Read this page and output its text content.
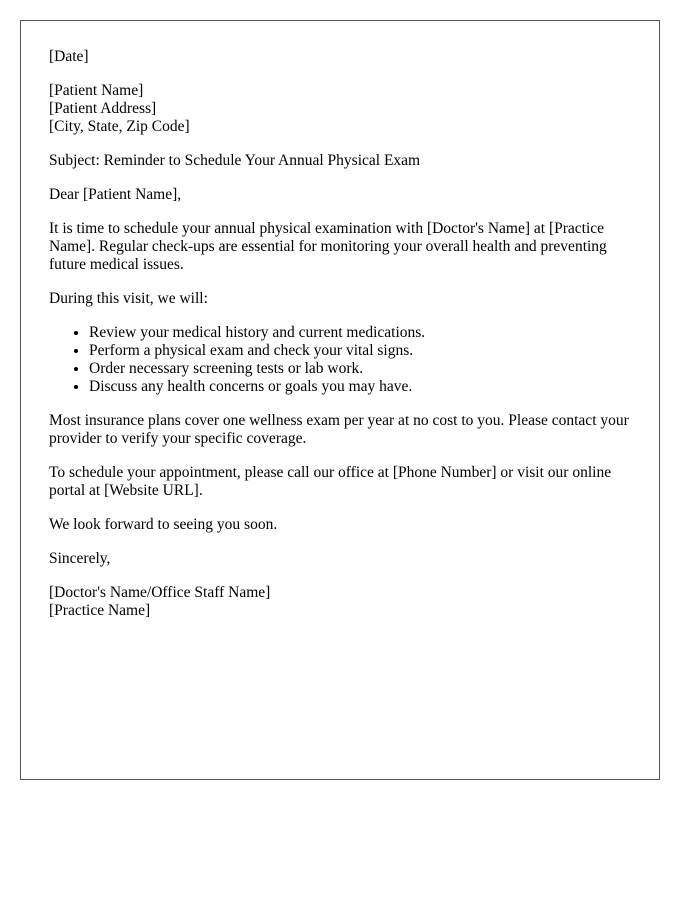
[Date]

[Patient Name]

[Patient Address]

[City, State, Zip Code]

Subject: Reminder to Schedule Your Annual Physical Exam

Dear [Patient Name],

It is time to schedule your annual physical examination with [Doctor's Name] at [Practice Name]. Regular check-ups are essential for monitoring your overall health and preventing future medical issues.

During this visit, we will:

• Review your medical history and current medications.
• Perform a physical exam and check your vital signs.
• Order necessary screening tests or lab work.
• Discuss any health concerns or goals you may have.

Most insurance plans cover one wellness exam per year at no cost to you. Please contact your provider to verify your specific coverage.

To schedule your appointment, please call our office at [Phone Number] or visit our online portal at [Website URL].

We look forward to seeing you soon.

Sincerely,

[Doctor's Name/Office Staff Name]

[Practice Name]
